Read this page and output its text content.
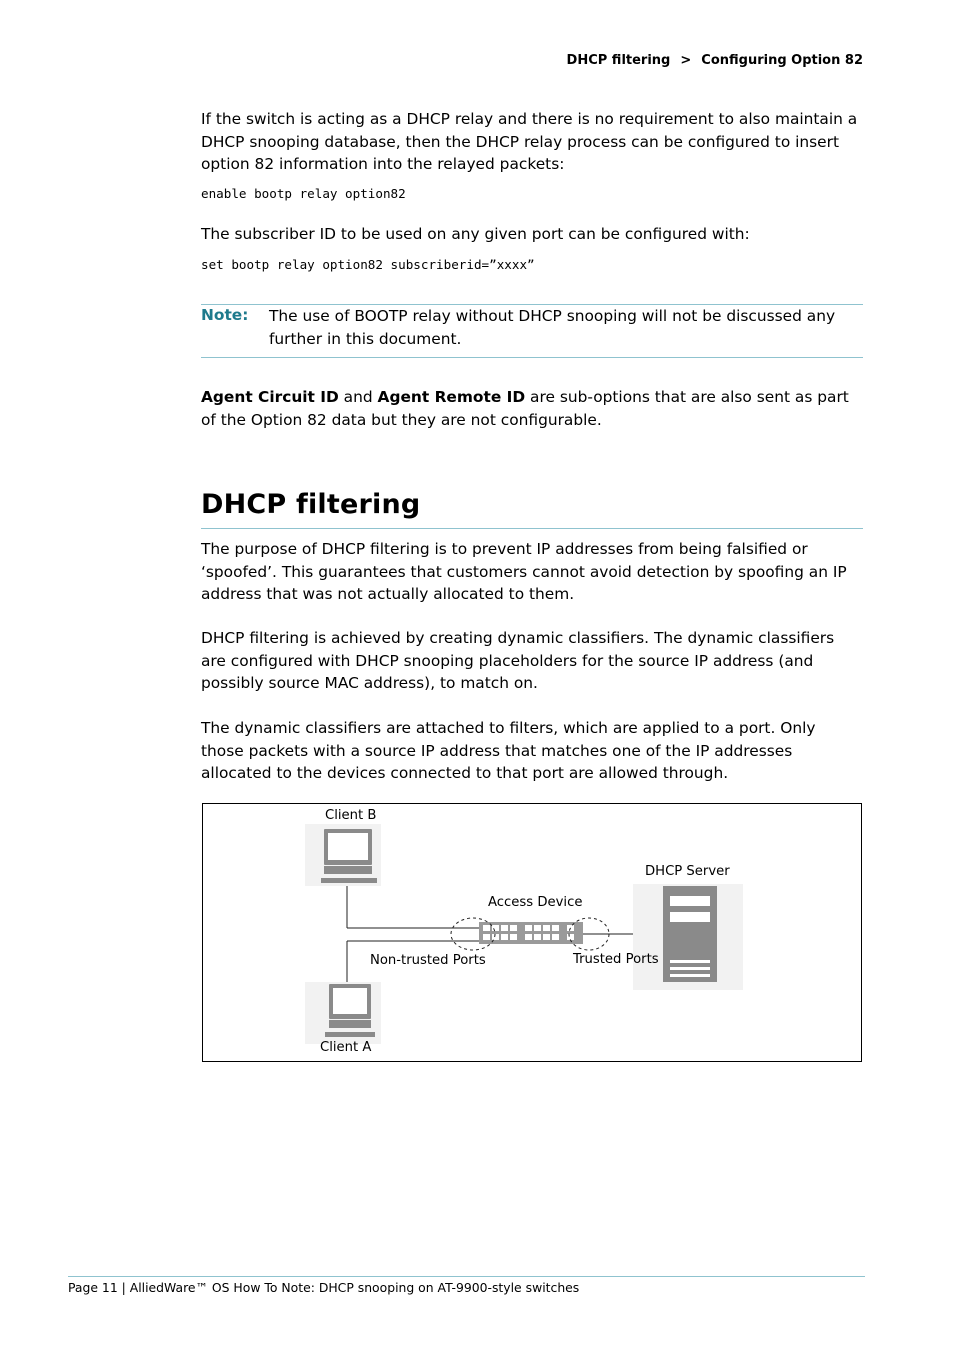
DHCP filtering > Configuring Option 82

If the switch is acting as a DHCP relay and there is no requirement to also maintain a DHCP snooping database, then the DHCP relay process can be configured to insert option 82 information into the relayed packets:

enable bootp relay option82

The subscriber ID to be used on any given port can be configured with:

set bootp relay option82 subscriberid=”xxxx”
Note: The use of BOOTP relay without DHCP snooping will not be discussed any further in this document.

Agent Circuit ID and Agent Remote ID are sub-options that are also sent as part of the Option 82 data but they are not configurable.

DHCP filtering

The purpose of DHCP filtering is to prevent IP addresses from being falsified or ‘spoofed’. This guarantees that customers cannot avoid detection by spoofing an IP address that was not actually allocated to them.

DHCP filtering is achieved by creating dynamic classifiers. The dynamic classifiers are configured with DHCP snooping placeholders for the source IP address (and possibly source MAC address), to match on.

The dynamic classifiers are attached to filters, which are applied to a port. Only those packets with a source IP address that matches one of the IP addresses allocated to the devices connected to that port are allowed through.

Client B
Client A
DHCP Server
Access Device
Non-trusted Ports	Trusted Ports
Page 11 | AlliedWare™ OS How To Note: DHCP snooping on AT-9900-style switches
